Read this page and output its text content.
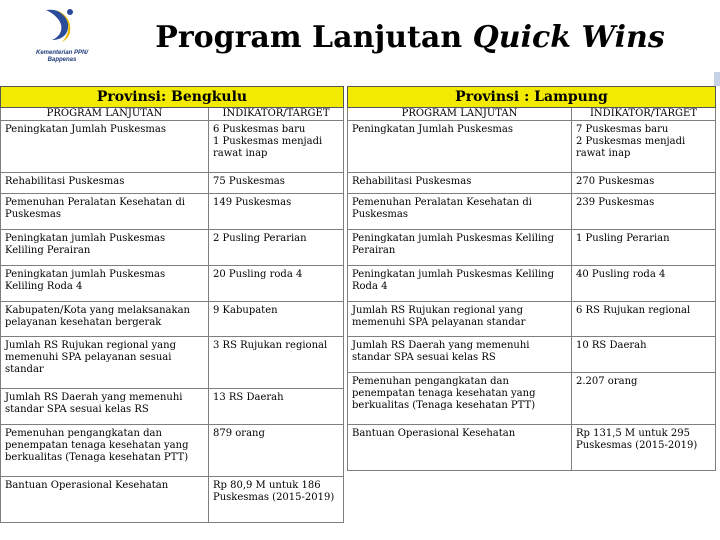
Kementerian PPN/
Bappenas
Program Lanjutan Quick Wins
Provinsi: Bengkulu	
PROGRAM LANJUTAN	INDIKATOR/TARGET
Peningkatan Jumlah Puskesmas	6 Puskesmas baru
1 Puskesmas menjadi rawat inap
Rehabilitasi Puskesmas	75 Puskesmas
Pemenuhan Peralatan Kesehatan di Puskesmas	149 Puskesmas
Peningkatan jumlah Puskesmas Keliling Perairan	2 Pusling Perarian
Peningkatan jumlah Puskesmas Keliling Roda 4	20 Pusling roda 4
Kabupaten/Kota yang melaksanakan pelayanan kesehatan bergerak	9 Kabupaten
Jumlah RS Rujukan regional yang memenuhi SPA pelayanan sesuai standar	3 RS Rujukan regional
Jumlah RS Daerah yang memenuhi standar SPA sesuai kelas RS	13 RS Daerah
Pemenuhan pengangkatan dan penempatan tenaga kesehatan yang berkualitas (Tenaga kesehatan PTT)	879 orang
Bantuan Operasional Kesehatan	Rp 80,9 M untuk 186 Puskesmas (2015-2019)
Provinsi : Lampung	
PROGRAM LANJUTAN	INDIKATOR/TARGET
Peningkatan Jumlah Puskesmas	7 Puskesmas baru
2 Puskesmas menjadi rawat inap
Rehabilitasi Puskesmas	270 Puskesmas
Pemenuhan Peralatan Kesehatan di Puskesmas	239 Puskesmas
Peningkatan jumlah Puskesmas Keliling Perairan	1 Pusling Perarian
Peningkatan jumlah Puskesmas Keliling Roda 4	40 Pusling roda 4
Jumlah RS Rujukan regional yang memenuhi SPA pelayanan standar	6 RS Rujukan regional
Jumlah RS Daerah yang memenuhi standar SPA sesuai kelas RS	10 RS Daerah
Pemenuhan pengangkatan dan penempatan tenaga kesehatan yang berkualitas (Tenaga kesehatan PTT)	2.207 orang
Bantuan Operasional Kesehatan	Rp 131,5 M untuk 295 Puskesmas (2015-2019)
